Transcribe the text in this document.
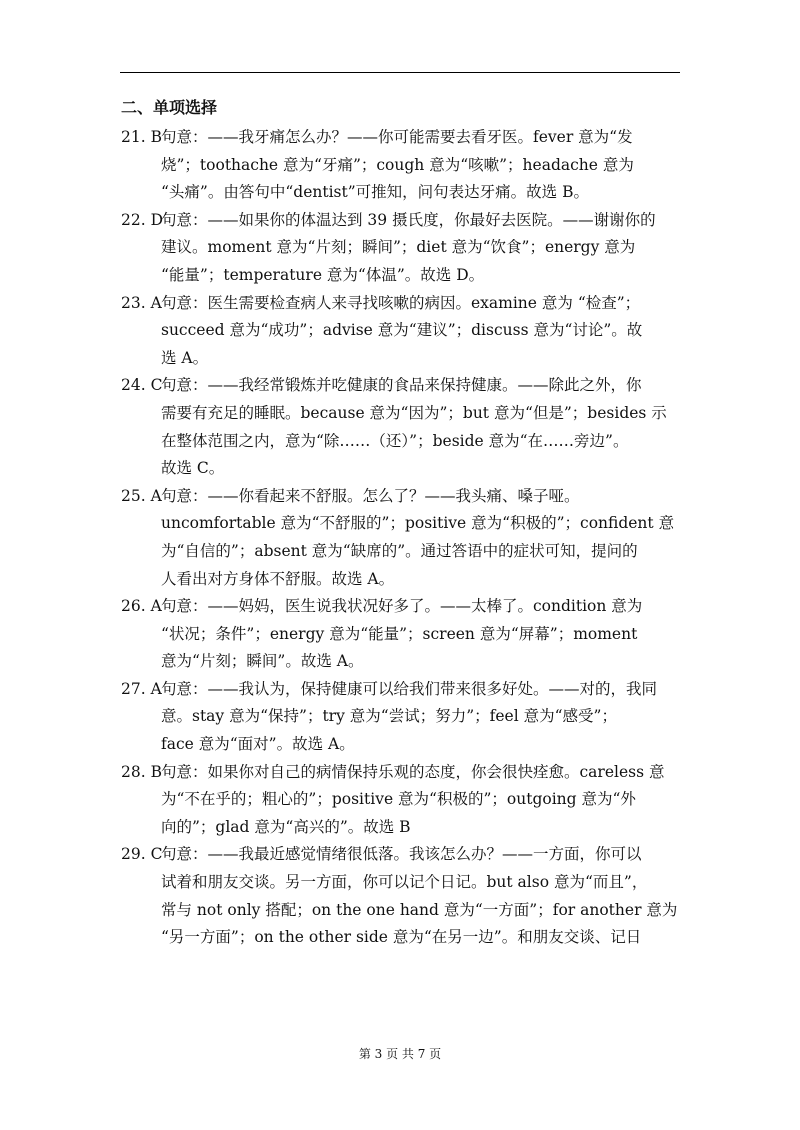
二、单项选择
21. B 句意：——我牙痛怎么办？——你可能需要去看牙医。fever 意为“发
烧”；toothache 意为“牙痛”；cough 意为“咳嗽”；headache 意为
“头痛”。由答句中“dentist”可推知，问句表达牙痛。故选 B。
22. D
句意：——如果你的体温达到 39 摄氏度，你最好去医院。——谢谢你的
建议。moment 意为“片刻；瞬间”；diet 意为“饮食”；energy 意为
“能量”；temperature 意为“体温”。故选 D。
23. A 句意：医生需要检查病人来寻找咳嗽的病因。examine 意为 “检查”；
succeed 意为“成功”；advise 意为“建议”；discuss 意为“讨论”。故
选 A。
24. C
句意：——我经常锻炼并吃健康的食品来保持健康。——除此之外，你
需要有充足的睡眠。because 意为“因为”；but 意为“但是”；besides 示
在整体范围之内，意为“除……（还）”；beside 意为“在……旁边”。
故选 C。
25. A 句意：——你看起来不舒服。怎么了？——我头痛、嗓子哑。
uncomfortable 意为“不舒服的”；positive 意为“积极的”；confident 意
为“自信的”；absent 意为“缺席的”。通过答语中的症状可知，提问的
人看出对方身体不舒服。故选 A。
26. A 句意：——妈妈，医生说我状况好多了。——太棒了。condition 意为
“状况；条件”；energy 意为“能量”；screen 意为“屏幕”；moment
意为“片刻；瞬间”。故选 A。
27. A 句意：——我认为，保持健康可以给我们带来很多好处。——对的，我同
意。stay 意为“保持”；try 意为“尝试；努力”；feel 意为“感受”；
face 意为“面对”。故选 A。
28. B 句意：如果你对自己的病情保持乐观的态度，你会很快痊愈。careless 意
为“不在乎的；粗心的”；positive 意为“积极的”；outgoing 意为“外
向的”；glad 意为“高兴的”。故选 B
29. C
句意：——我最近感觉情绪很低落。我该怎么办？——一方面，你可以
试着和朋友交谈。另一方面，你可以记个日记。but also 意为“而且”，
常与 not only 搭配；on the one hand 意为“一方面”；for another 意为
“另一方面”；on the other side 意为“在另一边”。和朋友交谈、记日
第 3 页 共 7 页
